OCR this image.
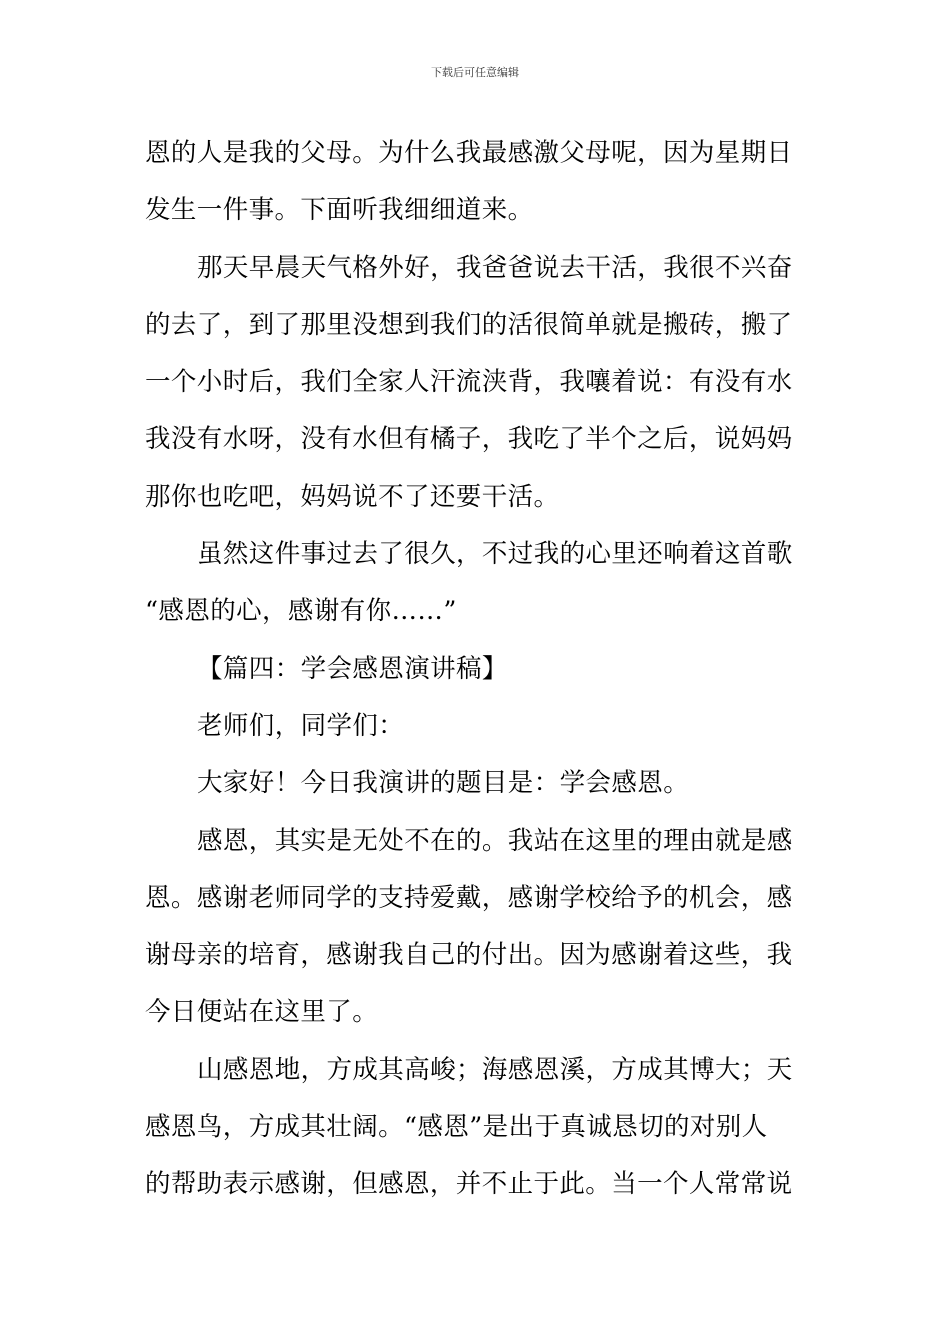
下载后可任意编辑
恩的人是我的父母。为什么我最感激父母呢，因为星期日
发生一件事。下面听我细细道来。
那天早晨天气格外好，我爸爸说去干活，我很不兴奋
的去了，到了那里没想到我们的活很简单就是搬砖，搬了
一个小时后，我们全家人汗流浃背，我嚷着说：有没有水
我没有水呀，没有水但有橘子，我吃了半个之后，说妈妈
那你也吃吧，妈妈说不了还要干活。
虽然这件事过去了很久，不过我的心里还响着这首歌
“感恩的心，感谢有你……”
【篇四：学会感恩演讲稿】
老师们，同学们：
大家好！今日我演讲的题目是：学会感恩。
感恩，其实是无处不在的。我站在这里的理由就是感
恩。感谢老师同学的支持爱戴，感谢学校给予的机会，感
谢母亲的培育，感谢我自己的付出。因为感谢着这些，我
今日便站在这里了。
山感恩地，方成其高峻；海感恩溪，方成其博大；天
感恩鸟，方成其壮阔。“感恩”是出于真诚恳切的对别人
的帮助表示感谢，但感恩，并不止于此。当一个人常常说
